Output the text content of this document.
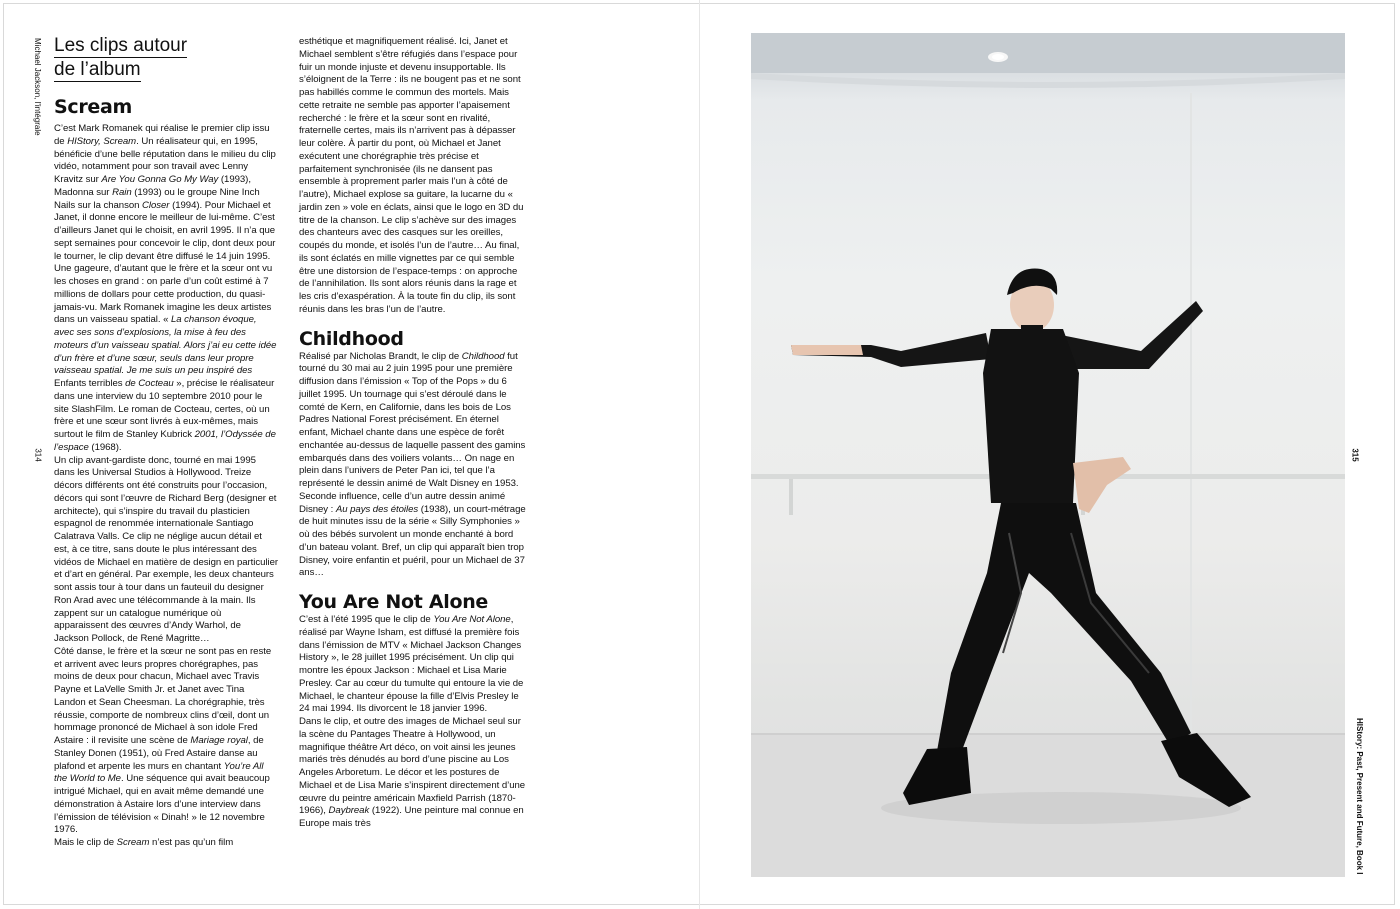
Michael Jackson, l'intégrale
314	315
HIStory: Past, Present and Future, Book I
Les clips autour
de l’album
Scream

C’est Mark Romanek qui réalise le premier clip issu de HIStory, Scream. Un réalisateur qui, en 1995, bénéficie d’une belle réputation dans le milieu du clip vidéo, notamment pour son travail avec Lenny Kravitz sur Are You Gonna Go My Way (1993), Madonna sur Rain (1993) ou le groupe Nine Inch Nails sur la chanson Closer (1994). Pour Michael et Janet, il donne encore le meilleur de lui-même. C’est d’ailleurs Janet qui le choisit, en avril 1995. Il n’a que sept semaines pour concevoir le clip, dont deux pour le tourner, le clip devant être diffusé le 14 juin 1995. Une gageure, d’autant que le frère et la sœur ont vu les choses en grand : on parle d’un coût estimé à 7 millions de dollars pour cette production, du quasi-jamais-vu. Mark Romanek imagine les deux artistes dans un vaisseau spatial. « La chanson évoque, avec ses sons d’explosions, la mise à feu des moteurs d’un vaisseau spatial. Alors j’ai eu cette idée d’un frère et d’une sœur, seuls dans leur propre vaisseau spatial. Je me suis un peu inspiré des Enfants terribles de Cocteau », précise le réalisateur dans une interview du 10 septembre 2010 pour le site SlashFilm. Le roman de Cocteau, certes, où un frère et une sœur sont livrés à eux-mêmes, mais surtout le film de Stanley Kubrick 2001, l’Odyssée de l’espace (1968).

Un clip avant-gardiste donc, tourné en mai 1995 dans les Universal Studios à Hollywood. Treize décors différents ont été construits pour l’occasion, décors qui sont l’œuvre de Richard Berg (designer et architecte), qui s’inspire du travail du plasticien espagnol de renommée internationale Santiago Calatrava Valls. Ce clip ne néglige aucun détail et est, à ce titre, sans doute le plus intéressant des vidéos de Michael en matière de design en particulier et d’art en général. Par exemple, les deux chanteurs sont assis tour à tour dans un fauteuil du designer Ron Arad avec une télécommande à la main. Ils zappent sur un catalogue numérique où apparaissent des œuvres d’Andy Warhol, de Jackson Pollock, de René Magritte…

Côté danse, le frère et la sœur ne sont pas en reste et arrivent avec leurs propres chorégraphes, pas moins de deux pour chacun, Michael avec Travis Payne et LaVelle Smith Jr. et Janet avec Tina Landon et Sean Cheesman. La chorégraphie, très réussie, comporte de nombreux clins d’œil, dont un hommage prononcé de Michael à son idole Fred Astaire : il revisite une scène de Mariage royal, de Stanley Donen (1951), où Fred Astaire danse au plafond et arpente les murs en chantant You’re All the World to Me. Une séquence qui avait beaucoup intrigué Michael, qui en avait même demandé une démonstration à Astaire lors d’une interview dans l’émission de télévision « Dinah! » le 12 novembre 1976.

Mais le clip de Scream n’est pas qu’un film

esthétique et magnifiquement réalisé. Ici, Janet et Michael semblent s’être réfugiés dans l’espace pour fuir un monde injuste et devenu insupportable. Ils s’éloignent de la Terre : ils ne bougent pas et ne sont pas habillés comme le commun des mortels. Mais cette retraite ne semble pas apporter l’apaisement recherché : le frère et la sœur sont en rivalité, fraternelle certes, mais ils n’arrivent pas à dépasser leur colère. À partir du pont, où Michael et Janet exécutent une chorégraphie très précise et parfaitement synchronisée (ils ne dansent pas ensemble à proprement parler mais l’un à côté de l’autre), Michael explose sa guitare, la lucarne du « jardin zen » vole en éclats, ainsi que le logo en 3D du titre de la chanson. Le clip s’achève sur des images des chanteurs avec des casques sur les oreilles, coupés du monde, et isolés l’un de l’autre… Au final, ils sont éclatés en mille vignettes par ce qui semble être une distorsion de l’espace-temps : on approche de l’annihilation. Ils sont alors réunis dans la rage et les cris d’exaspération. À la toute fin du clip, ils sont réunis dans les bras l’un de l’autre.

Childhood

Réalisé par Nicholas Brandt, le clip de Childhood fut tourné du 30 mai au 2 juin 1995 pour une première diffusion dans l’émission « Top of the Pops » du 6 juillet 1995. Un tournage qui s’est déroulé dans le comté de Kern, en Californie, dans les bois de Los Padres National Forest précisément. En éternel enfant, Michael chante dans une espèce de forêt enchantée au-dessus de laquelle passent des gamins embarqués dans des voiliers volants… On nage en plein dans l’univers de Peter Pan ici, tel que l’a représenté le dessin animé de Walt Disney en 1953. Seconde influence, celle d’un autre dessin animé Disney : Au pays des étoiles (1938), un court-métrage de huit minutes issu de la série « Silly Symphonies » où des bébés survolent un monde enchanté à bord d’un bateau volant. Bref, un clip qui apparaît bien trop Disney, voire enfantin et puéril, pour un Michael de 37 ans…

You Are Not Alone

C’est à l’été 1995 que le clip de You Are Not Alone, réalisé par Wayne Isham, est diffusé la première fois dans l’émission de MTV « Michael Jackson Changes History », le 28 juillet 1995 précisément. Un clip qui montre les époux Jackson : Michael et Lisa Marie Presley. Car au cœur du tumulte qui entoure la vie de Michael, le chanteur épouse la fille d’Elvis Presley le 24 mai 1994. Ils divorcent le 18 janvier 1996.

Dans le clip, et outre des images de Michael seul sur la scène du Pantages Theatre à Hollywood, un magnifique théâtre Art déco, on voit ainsi les jeunes mariés très dénudés au bord d’une piscine au Los Angeles Arboretum. Le décor et les postures de Michael et de Lisa Marie s’inspirent directement d’une œuvre du peintre américain Maxfield Parrish (1870-1966), Daybreak (1922). Une peinture mal connue en Europe mais très
